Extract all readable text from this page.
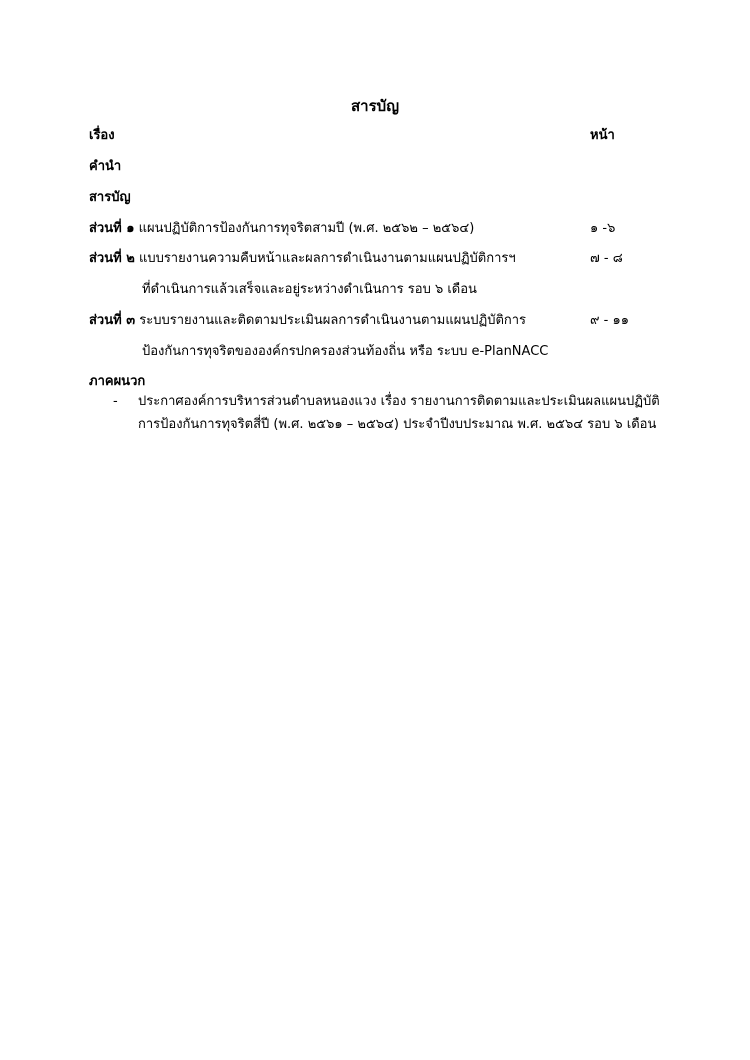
สารบัญ
เรื่อง	หน้า
คำนำ
สารบัญ
ส่วนที่ ๑ แผนปฏิบัติการป้องกันการทุจริตสามปี (พ.ศ. ๒๕๖๒ – ๒๕๖๔)	๑ -๖
ส่วนที่ ๒ แบบรายงานความคืบหน้าและผลการดำเนินงานตามแผนปฏิบัติการฯ	๗ - ๘
ที่ดำเนินการแล้วเสร็จและอยู่ระหว่างดำเนินการ รอบ ๖ เดือน
ส่วนที่ ๓ ระบบรายงานและติดตามประเมินผลการดำเนินงานตามแผนปฏิบัติการ	๙ - ๑๑
ป้องกันการทุจริตขององค์กรปกครองส่วนท้องถิ่น หรือ ระบบ e-PlanNACC
ภาคผนวก
- ประกาศองค์การบริหารส่วนตำบลหนองแวง เรื่อง รายงานการติดตามและประเมินผลแผนปฏิบัติการป้องกันการทุจริตสี่ปี (พ.ศ. ๒๕๖๑ – ๒๕๖๔) ประจำปีงบประมาณ พ.ศ. ๒๕๖๔ รอบ ๖ เดือน
